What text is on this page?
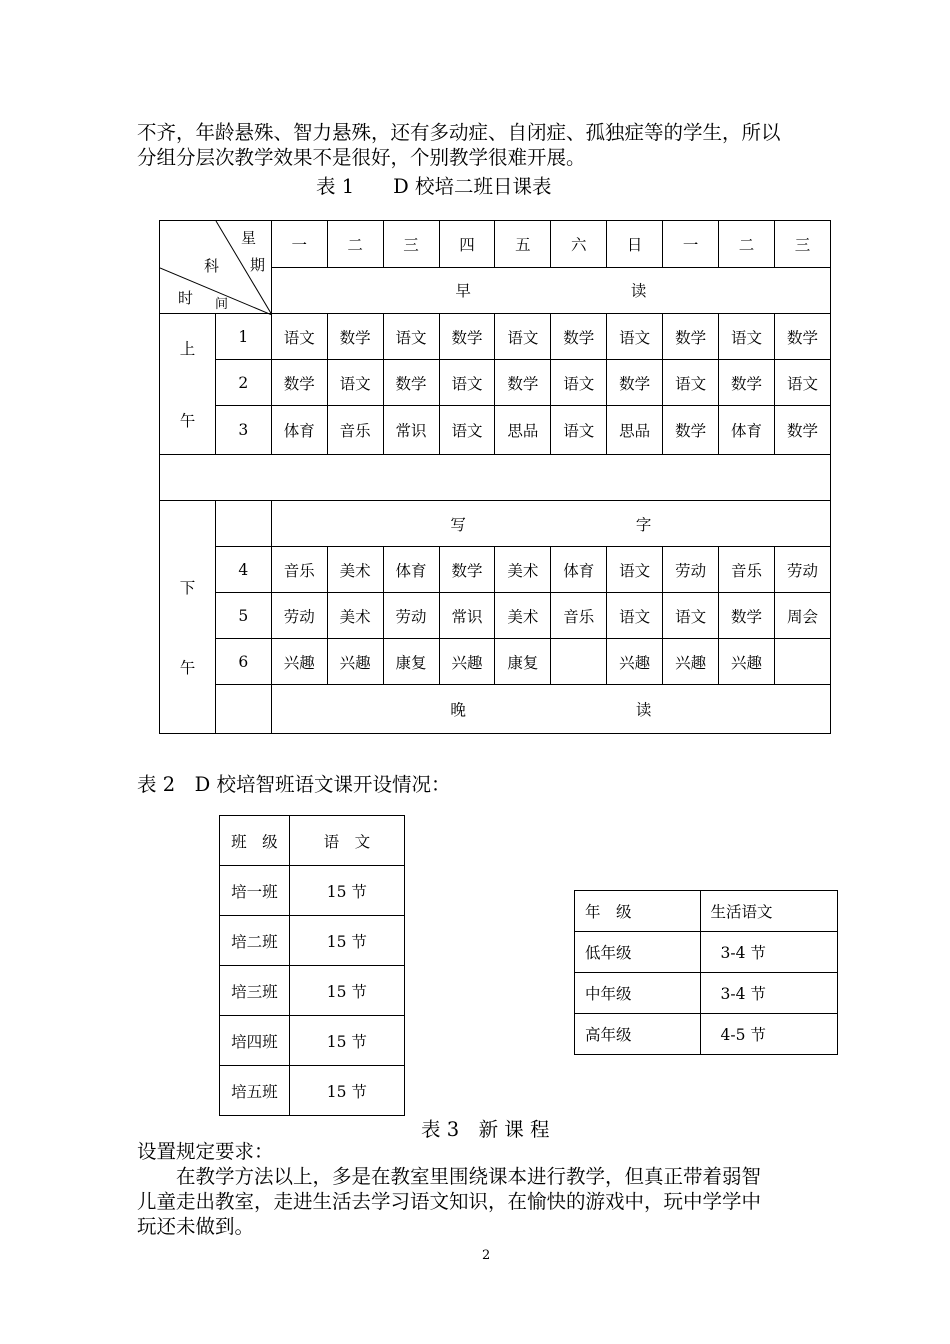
不齐，年龄悬殊、智力悬殊，还有多动症、自闭症、孤独症等的学生，所以
分组分层次教学效果不是很好，个别教学很难开展。
表 1　　D 校培二班日课表
星
期
科
时 间		一	二	三	四	五	六	日	一	二	三
		早 读									

上
午	1	语文	数学	语文	数学	语文	数学	语文	数学	语文	数学
	2	数学	语文	数学	语文	数学	语文	数学	语文	数学	语文
	3	体育	音乐	常识	语文	思品	语文	思品	数学	体育	数学

下
午		写 字									
	4	音乐	美术	体育	数学	美术	体育	语文	劳动	音乐	劳动
	5	劳动	美术	劳动	常识	美术	音乐	语文	语文	数学	周会
	6	兴趣	兴趣	康复	兴趣	康复		兴趣	兴趣	兴趣	
		晚 读									
表 2　D 校培智班语文课开设情况：
班　级	语　文
培一班	15 节
培二班	15 节
培三班	15 节
培四班	15 节
培五班	15 节
年　级	生活语文
低年级	3-4 节
中年级	3-4 节
高年级	4-5 节
表 3　新 课 程
设置规定要求：
　　在教学方法以上，多是在教室里围绕课本进行教学，但真正带着弱智
儿童走出教室，走进生活去学习语文知识，在愉快的游戏中，玩中学学中
玩还未做到。
2
